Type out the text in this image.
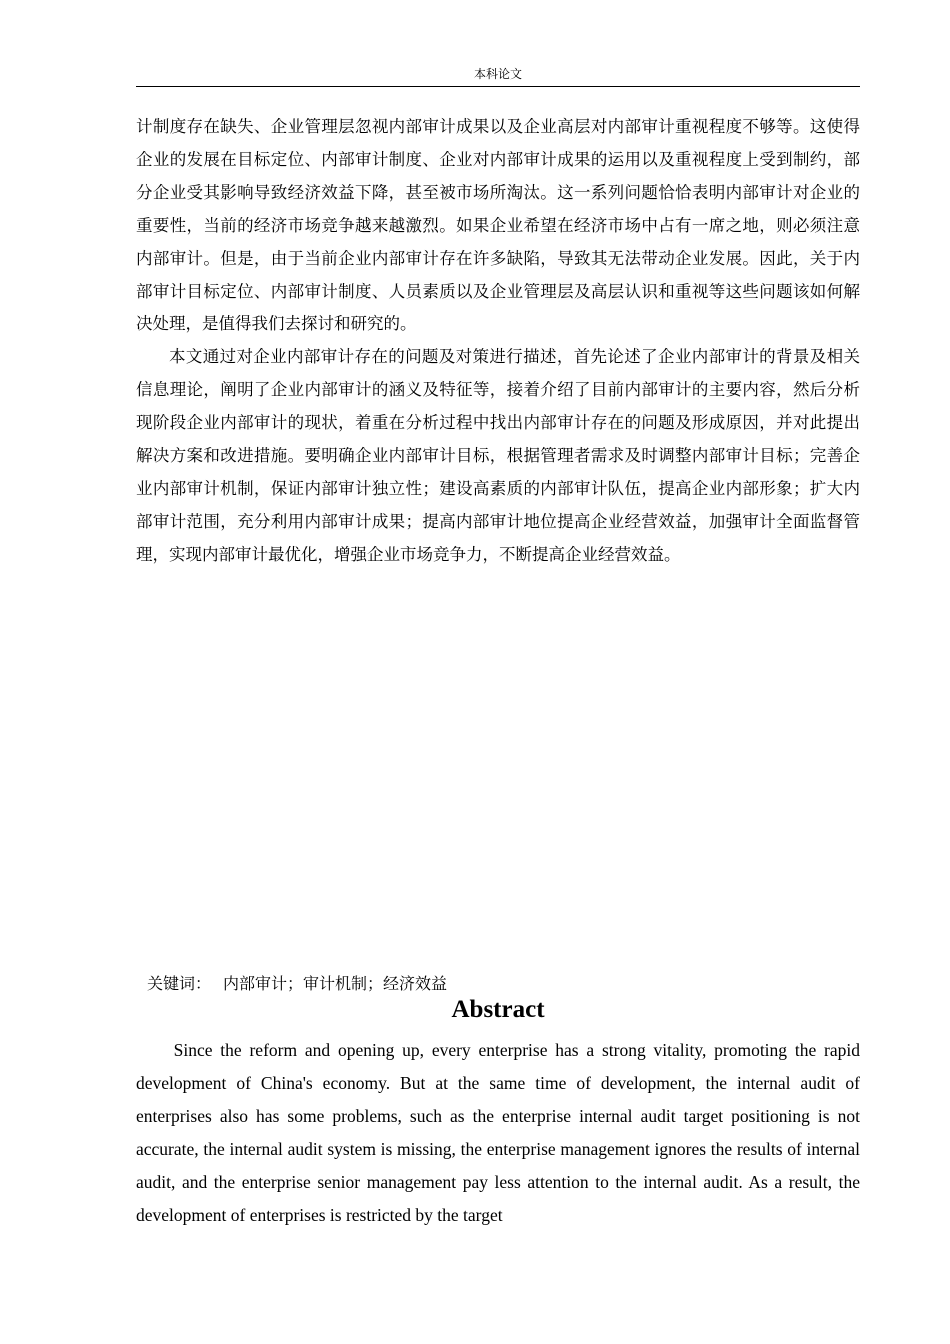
本科论文

计制度存在缺失、企业管理层忽视内部审计成果以及企业高层对内部审计重视程度不够等。这使得企业的发展在目标定位、内部审计制度、企业对内部审计成果的运用以及重视程度上受到制约，部分企业受其影响导致经济效益下降，甚至被市场所淘汰。这一系列问题恰恰表明内部审计对企业的重要性，当前的经济市场竞争越来越激烈。如果企业希望在经济市场中占有一席之地，则必须注意内部审计。但是，由于当前企业内部审计存在许多缺陷，导致其无法带动企业发展。因此，关于内部审计目标定位、内部审计制度、人员素质以及企业管理层及高层认识和重视等这些问题该如何解决处理，是值得我们去探讨和研究的。

本文通过对企业内部审计存在的问题及对策进行描述，首先论述了企业内部审计的背景及相关信息理论，阐明了企业内部审计的涵义及特征等，接着介绍了目前内部审计的主要内容，然后分析现阶段企业内部审计的现状，着重在分析过程中找出内部审计存在的问题及形成原因，并对此提出解决方案和改进措施。要明确企业内部审计目标，根据管理者需求及时调整内部审计目标；完善企业内部审计机制，保证内部审计独立性；建设高素质的内部审计队伍，提高企业内部形象；扩大内部审计范围，充分利用内部审计成果；提高内部审计地位提高企业经营效益，加强审计全面监督管理，实现内部审计最优化，增强企业市场竞争力，不断提高企业经营效益。

关键词： 内部审计；审计机制；经济效益
Abstract

Since the reform and opening up, every enterprise has a strong vitality, promoting the rapid development of China's economy. But at the same time of development, the internal audit of enterprises also has some problems, such as the enterprise internal audit target positioning is not accurate, the internal audit system is missing, the enterprise management ignores the results of internal audit, and the enterprise senior management pay less attention to the internal audit. As a result, the development of enterprises is restricted by the target
